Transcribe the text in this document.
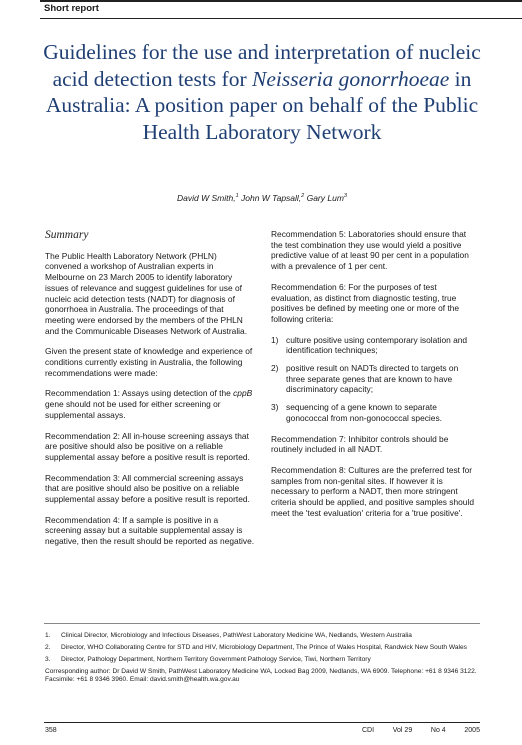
Short report
Guidelines for the use and interpretation of nucleic acid detection tests for Neisseria gonorrhoeae in Australia: A position paper on behalf of the Public Health Laboratory Network
David W Smith,$^1$ John W Tapsall,$^2$ Gary Lum$^3$
Summary

The Public Health Laboratory Network (PHLN) convened a workshop of Australian experts in Melbourne on 23 March 2005 to identify laboratory issues of relevance and suggest guidelines for use of nucleic acid detection tests (NADT) for diagnosis of gonorrhoea in Australia. The proceedings of that meeting were endorsed by the members of the PHLN and the Communicable Diseases Network of Australia.

Given the present state of knowledge and experience of conditions currently existing in Australia, the following recommendations were made:

Recommendation 1: Assays using detection of the cppB gene should not be used for either screening or supplemental assays.

Recommendation 2: All in-house screening assays that are positive should also be positive on a reliable supplemental assay before a positive result is reported.

Recommendation 3: All commercial screening assays that are positive should also be positive on a reliable supplemental assay before a positive result is reported.

Recommendation 4: If a sample is positive in a screening assay but a suitable supplemental assay is negative, then the result should be reported as negative.

Recommendation 5: Laboratories should ensure that the test combination they use would yield a positive predictive value of at least 90 per cent in a population with a prevalence of 1 per cent.

Recommendation 6: For the purposes of test evaluation, as distinct from diagnostic testing, true positives be defined by meeting one or more of the following criteria:

1) culture positive using contemporary isolation and identification techniques;
2) positive result on NADTs directed to targets on three separate genes that are known to have discriminatory capacity;
3) sequencing of a gene known to separate gonococcal from non-gonococcal species.

Recommendation 7: Inhibitor controls should be routinely included in all NADT.

Recommendation 8: Cultures are the preferred test for samples from non-genital sites. If however it is necessary to perform a NADT, then more stringent criteria should be applied, and positive samples should meet the 'test evaluation' criteria for a 'true positive'.

1.	Clinical Director, Microbiology and Infectious Diseases, PathWest Laboratory Medicine WA, Nedlands, Western Australia
2.	Director, WHO Collaborating Centre for STD and HIV, Microbiology Department, The Prince of Wales Hospital, Randwick New South Wales
3.	Director, Pathology Department, Northern Territory Government Pathology Service, Tiwi, Northern Territory
Corresponding author: Dr David W Smith, PathWest Laboratory Medicine WA, Locked Bag 2009, Nedlands, WA 6909. Telephone: +61 8 9346 3122. Facsimile: +61 8 9346 3960. Email: david.smith@health.wa.gov.au
358	CDI	Vol 29	No 4	2005
